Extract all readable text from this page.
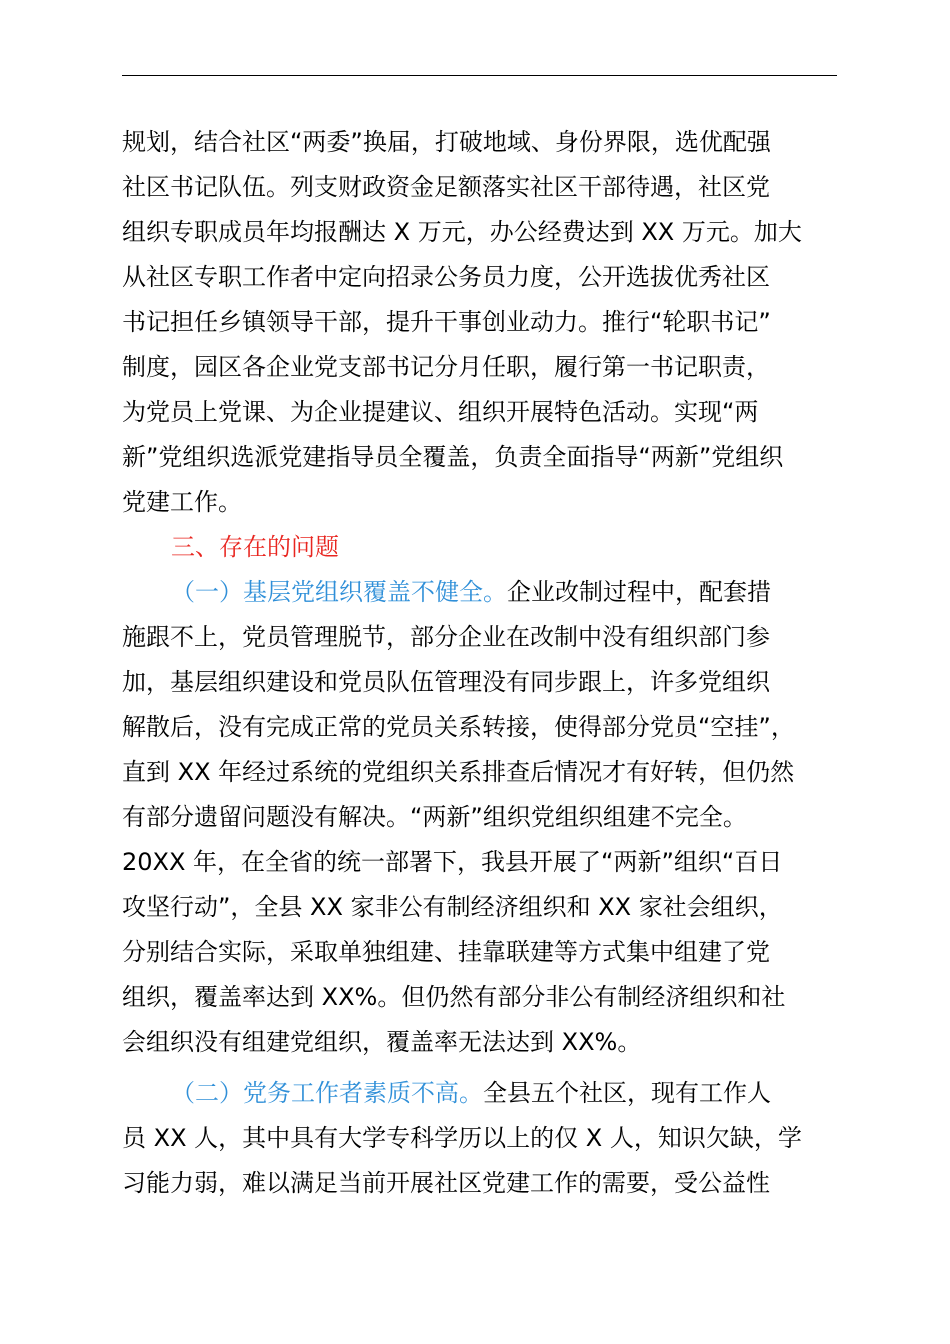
规划，结合社区“两委”换届，打破地域、身份界限，选优配强
社区书记队伍。列支财政资金足额落实社区干部待遇，社区党
组织专职成员年均报酬达 X 万元，办公经费达到 XX 万元。加大
从社区专职工作者中定向招录公务员力度，公开选拔优秀社区
书记担任乡镇领导干部，提升干事创业动力。推行“轮职书记”
制度，园区各企业党支部书记分月任职，履行第一书记职责，
为党员上党课、为企业提建议、组织开展特色活动。实现“两
新”党组织选派党建指导员全覆盖，负责全面指导“两新”党组织
党建工作。
三、存在的问题
（一）基层党组织覆盖不健全。企业改制过程中，配套措
施跟不上，党员管理脱节，部分企业在改制中没有组织部门参
加，基层组织建设和党员队伍管理没有同步跟上，许多党组织
解散后，没有完成正常的党员关系转接，使得部分党员“空挂”，
直到 XX 年经过系统的党组织关系排查后情况才有好转，但仍然
有部分遗留问题没有解决。“两新”组织党组织组建不完全。
20XX 年，在全省的统一部署下，我县开展了“两新”组织“百日
攻坚行动”，全县 XX 家非公有制经济组织和 XX 家社会组织，
分别结合实际，采取单独组建、挂靠联建等方式集中组建了党
组织，覆盖率达到 XX%。但仍然有部分非公有制经济组织和社
会组织没有组建党组织，覆盖率无法达到 XX%。
（二）党务工作者素质不高。全县五个社区，现有工作人
员 XX 人，其中具有大学专科学历以上的仅 X 人，知识欠缺，学
习能力弱，难以满足当前开展社区党建工作的需要，受公益性
